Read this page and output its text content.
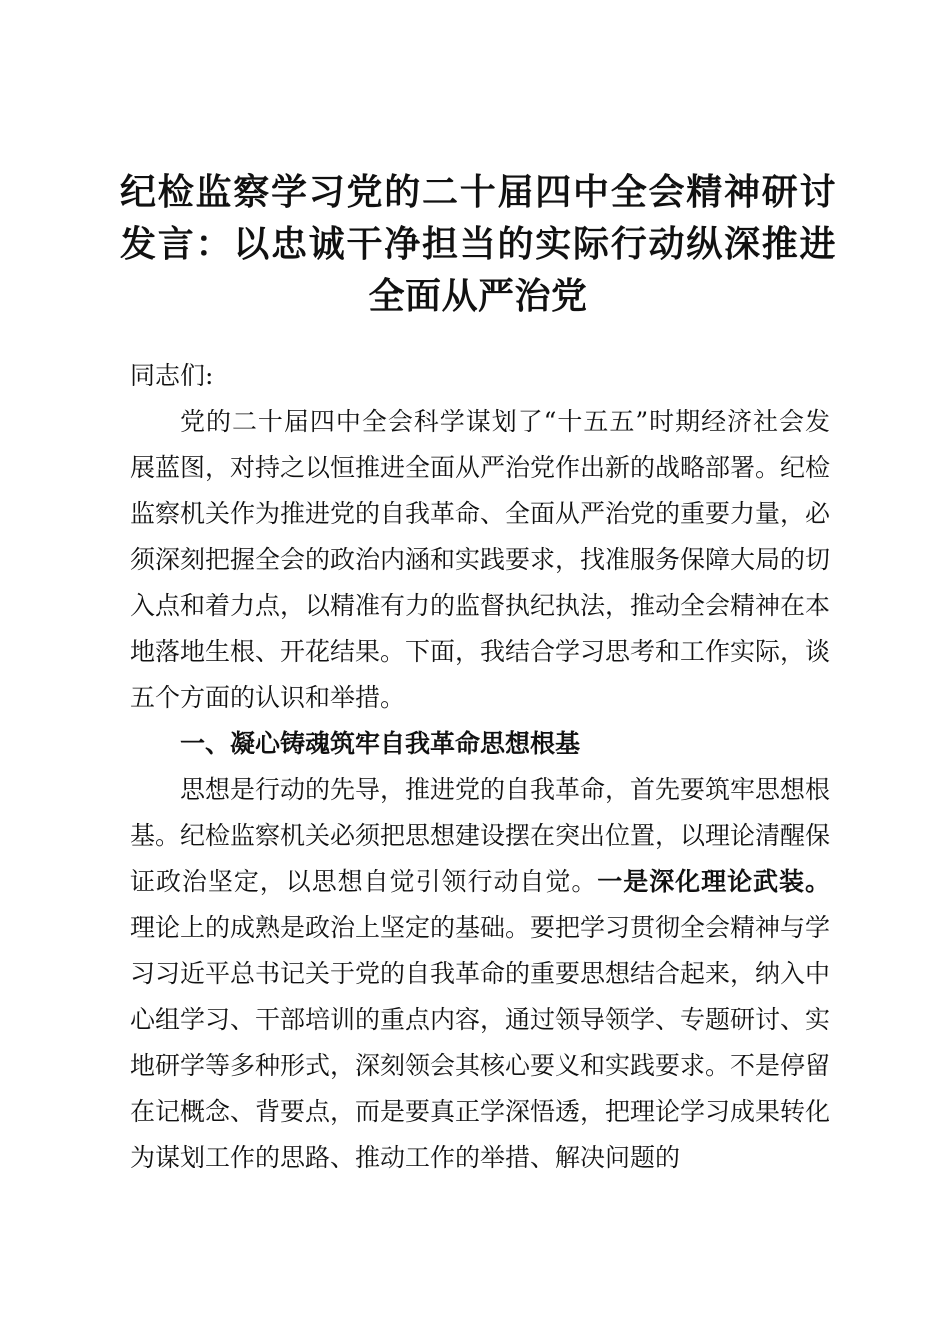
纪检监察学习党的二十届四中全会精神研讨发言：以忠诚干净担当的实际行动纵深推进全面从严治党

同志们:

党的二十届四中全会科学谋划了“十五五”时期经济社会发展蓝图，对持之以恒推进全面从严治党作出新的战略部署。纪检监察机关作为推进党的自我革命、全面从严治党的重要力量，必须深刻把握全会的政治内涵和实践要求，找准服务保障大局的切入点和着力点，以精准有力的监督执纪执法，推动全会精神在本地落地生根、开花结果。下面，我结合学习思考和工作实际，谈五个方面的认识和举措。

一、凝心铸魂筑牢自我革命思想根基

思想是行动的先导，推进党的自我革命，首先要筑牢思想根基。纪检监察机关必须把思想建设摆在突出位置，以理论清醒保证政治坚定，以思想自觉引领行动自觉。一是深化理论武装。理论上的成熟是政治上坚定的基础。要把学习贯彻全会精神与学习习近平总书记关于党的自我革命的重要思想结合起来，纳入中心组学习、干部培训的重点内容，通过领导领学、专题研讨、实地研学等多种形式，深刻领会其核心要义和实践要求。不是停留在记概念、背要点，而是要真正学深悟透，把理论学习成果转化为谋划工作的思路、推动工作的举措、解决问题的
